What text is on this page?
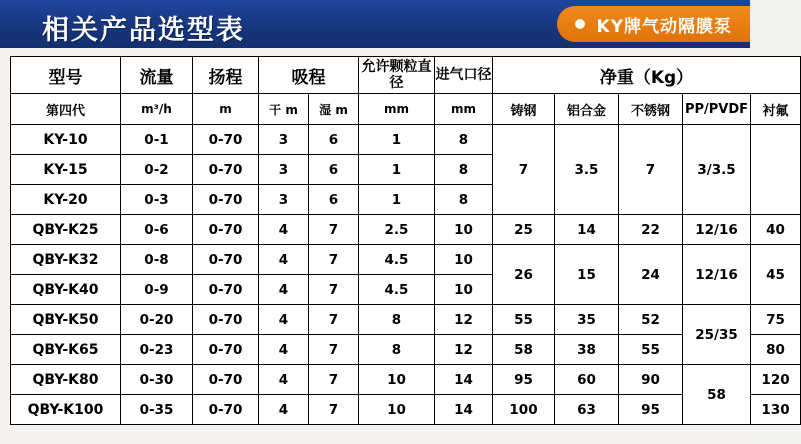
相关产品选型表	KY牌气动隔膜泵
型号	流量	扬程	吸程		允许颗粒直径	进气口径	净重（Kg）				
第四代	m³/h	m	干 m	湿 m	mm	mm	铸钢	铝合金	不锈钢	PP/PVDF	衬氟
KY-10	0-1	0-70	3	6	1	8	7	3.5	7	3/3.5	
KY-15	0-2	0-70	3	6	1	8					
KY-20	0-3	0-70	3	6	1	8					
QBY-K25	0-6	0-70	4	7	2.5	10	25	14	22	12/16	40
QBY-K32	0-8	0-70	4	7	4.5	10	26	15	24	12/16	45
QBY-K40	0-9	0-70	4	7	4.5	10					
QBY-K50	0-20	0-70	4	7	8	12	55	35	52	25/35	75
QBY-K65	0-23	0-70	4	7	8	12	58	38	55		80
QBY-K80	0-30	0-70	4	7	10	14	95	60	90	58	120
QBY-K100	0-35	0-70	4	7	10	14	100	63	95		130
